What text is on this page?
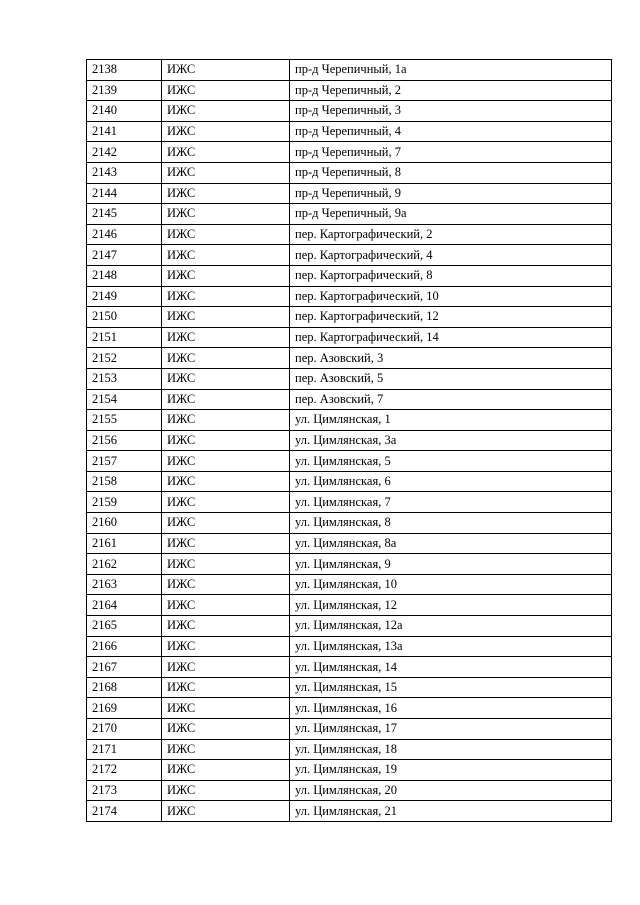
2138	ИЖС	пр-д Черепичный, 1а
2139	ИЖС	пр-д Черепичный, 2
2140	ИЖС	пр-д Черепичный, 3
2141	ИЖС	пр-д Черепичный, 4
2142	ИЖС	пр-д Черепичный, 7
2143	ИЖС	пр-д Черепичный, 8
2144	ИЖС	пр-д Черепичный, 9
2145	ИЖС	пр-д Черепичный, 9а
2146	ИЖС	пер. Картографический, 2
2147	ИЖС	пер. Картографический, 4
2148	ИЖС	пер. Картографический, 8
2149	ИЖС	пер. Картографический, 10
2150	ИЖС	пер. Картографический, 12
2151	ИЖС	пер. Картографический, 14
2152	ИЖС	пер. Азовский, 3
2153	ИЖС	пер. Азовский, 5
2154	ИЖС	пер. Азовский, 7
2155	ИЖС	ул. Цимлянская, 1
2156	ИЖС	ул. Цимлянская, 3а
2157	ИЖС	ул. Цимлянская, 5
2158	ИЖС	ул. Цимлянская, 6
2159	ИЖС	ул. Цимлянская, 7
2160	ИЖС	ул. Цимлянская, 8
2161	ИЖС	ул. Цимлянская, 8а
2162	ИЖС	ул. Цимлянская, 9
2163	ИЖС	ул. Цимлянская, 10
2164	ИЖС	ул. Цимлянская, 12
2165	ИЖС	ул. Цимлянская, 12а
2166	ИЖС	ул. Цимлянская, 13а
2167	ИЖС	ул. Цимлянская, 14
2168	ИЖС	ул. Цимлянская, 15
2169	ИЖС	ул. Цимлянская, 16
2170	ИЖС	ул. Цимлянская, 17
2171	ИЖС	ул. Цимлянская, 18
2172	ИЖС	ул. Цимлянская, 19
2173	ИЖС	ул. Цимлянская, 20
2174	ИЖС	ул. Цимлянская, 21
